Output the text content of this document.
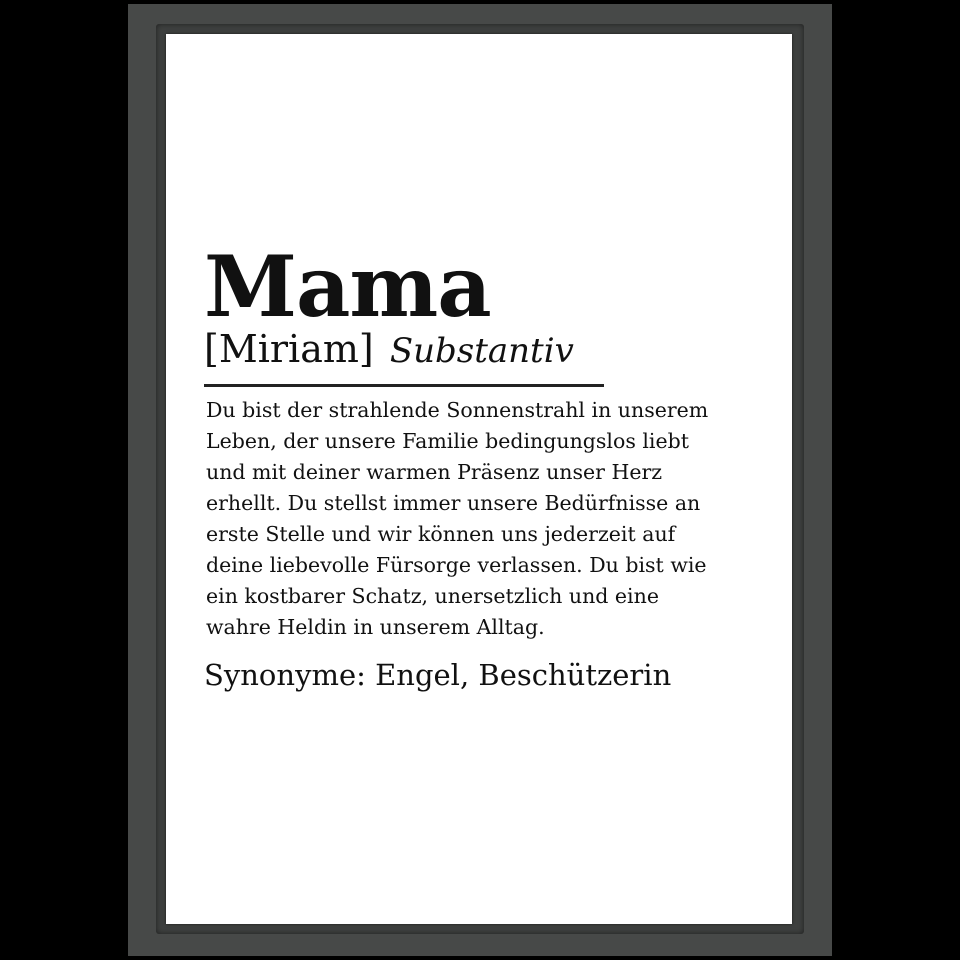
Mama
[Miriam] Substantiv

Du bist der strahlende Sonnenstrahl in unserem
Leben, der unsere Familie bedingungslos liebt
und mit deiner warmen Präsenz unser Herz
erhellt. Du stellst immer unsere Bedürfnisse an
erste Stelle und wir können uns jederzeit auf
deine liebevolle Fürsorge verlassen. Du bist wie
ein kostbarer Schatz, unersetzlich und eine
wahre Heldin in unserem Alltag.

Synonyme: Engel, Beschützerin
